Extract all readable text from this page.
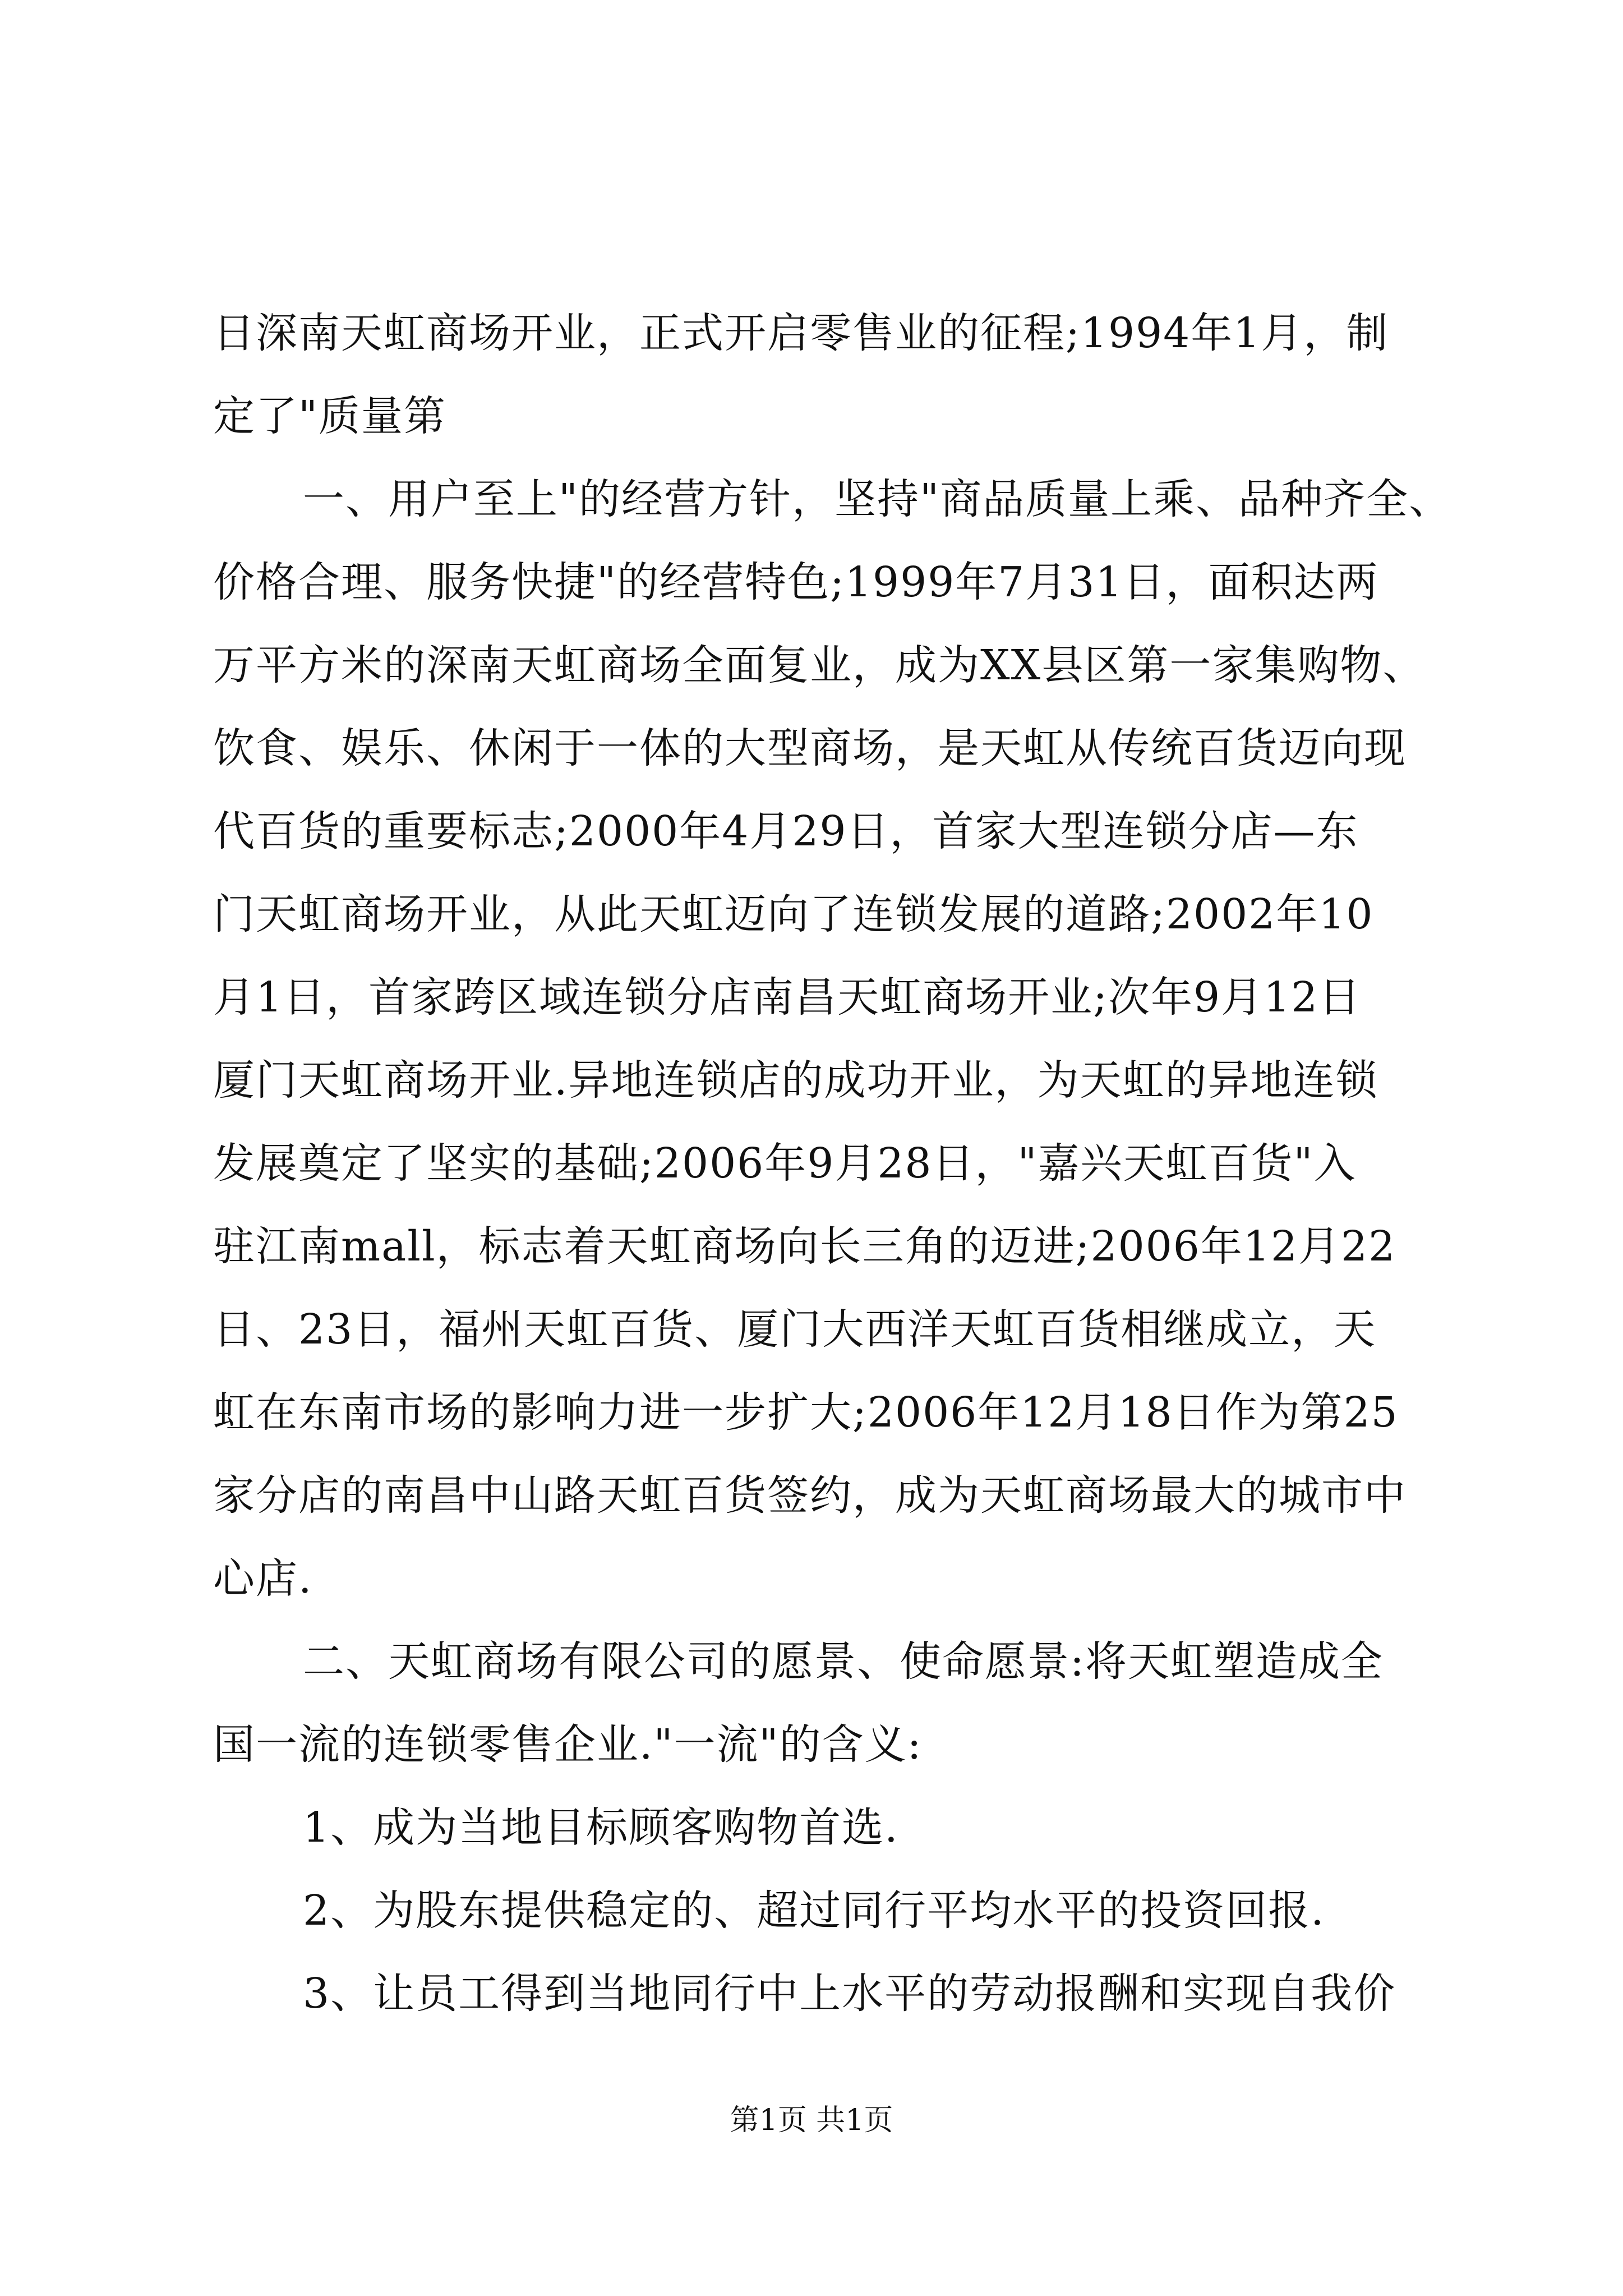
日深南天虹商场开业，正式开启零售业的征程;1994年1月，制
定了"质量第
一、用户至上"的经营方针，坚持"商品质量上乘、品种齐全、
价格合理、服务快捷"的经营特色;1999年7月31日，面积达两
万平方米的深南天虹商场全面复业，成为XX县区第一家集购物、
饮食、娱乐、休闲于一体的大型商场，是天虹从传统百货迈向现
代百货的重要标志;2000年4月29日，首家大型连锁分店—东
门天虹商场开业，从此天虹迈向了连锁发展的道路;2002年10
月1日，首家跨区域连锁分店南昌天虹商场开业;次年9月12日
厦门天虹商场开业.异地连锁店的成功开业，为天虹的异地连锁
发展奠定了坚实的基础;2006年9月28日，"嘉兴天虹百货"入
驻江南mall，标志着天虹商场向长三角的迈进;2006年12月22
日、23日，福州天虹百货、厦门大西洋天虹百货相继成立，天
虹在东南市场的影响力进一步扩大;2006年12月18日作为第25
家分店的南昌中山路天虹百货签约，成为天虹商场最大的城市中
心店.
二、天虹商场有限公司的愿景、使命愿景:将天虹塑造成全
国一流的连锁零售企业."一流"的含义:
1、成为当地目标顾客购物首选.
2、为股东提供稳定的、超过同行平均水平的投资回报.
3、让员工得到当地同行中上水平的劳动报酬和实现自我价
第1页 共1页
